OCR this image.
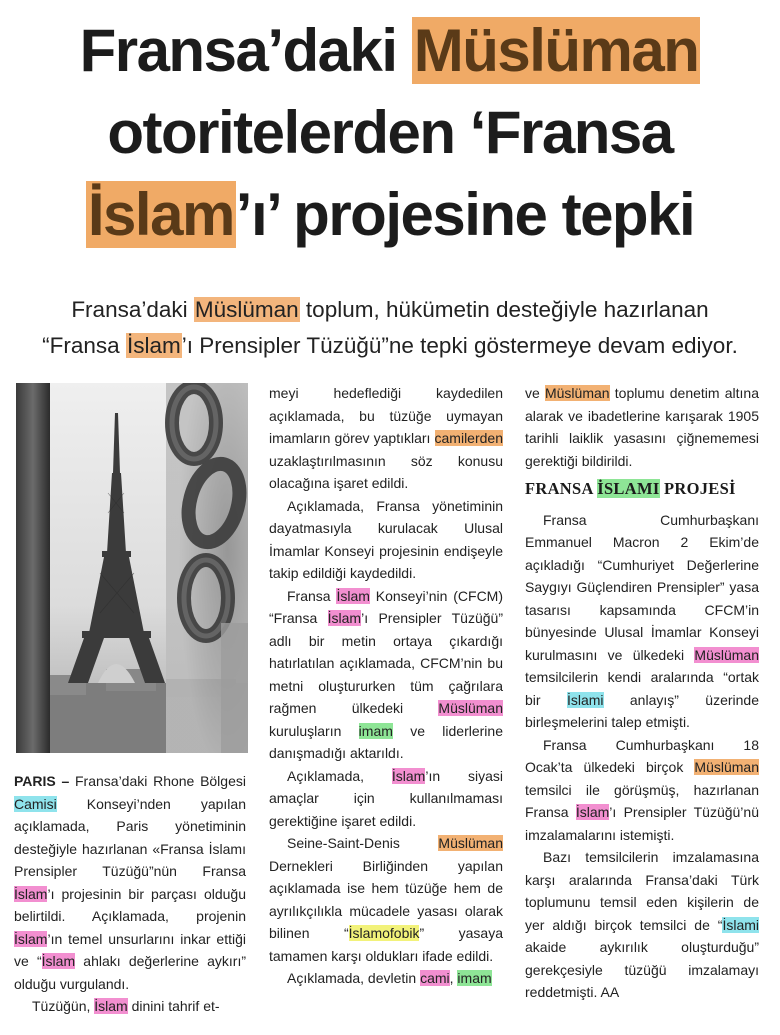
Fransa’daki Müslüman
otoritelerden ‘Fransa
İslam’ı’ projesine tepki
Fransa’daki Müslüman toplum, hükümetin desteğiyle hazırlanan
“Fransa İslam’ı Prensipler Tüzüğü”ne tepki göstermeye devam ediyor.

PARIS – Fransa’daki Rhone Bölgesi Camisi Konseyi’nden yapılan açıklamada, Paris yönetiminin desteğiyle hazırlanan «Fransa İslamı Prensipler Tüzüğü”nün Fransa İslam’ı projesinin bir parçası olduğu belirtildi. Açıklamada, projenin İslam’ın temel unsurlarını inkar ettiği ve “İslam ahlakı değerlerine aykırı” olduğu vurgulandı.

Tüzüğün, İslam dinini tahrif et-

meyi hedeflediği kaydedilen açıklamada, bu tüzüğe uymayan imamların görev yaptıkları camilerden uzaklaştırılmasının söz konusu olacağına işaret edildi.

Açıklamada, Fransa yönetiminin dayatmasıyla kurulacak Ulusal İmamlar Konseyi projesinin endişeyle takip edildiği kaydedildi.

Fransa İslam Konseyi’nin (CFCM) “Fransa İslam’ı Prensipler Tüzüğü” adlı bir metin ortaya çıkardığı hatırlatılan açıklamada, CFCM’nin bu metni oluştururken tüm çağrılara rağmen ülkedeki Müslüman kuruluşların imam ve liderlerine danışmadığı aktarıldı.

Açıklamada, İslam’ın siyasi amaçlar için kullanılmaması gerektiğine işaret edildi.

Seine-Saint-Denis Müslüman Dernekleri Birliğinden yapılan açıklamada ise hem tüzüğe hem de ayrılıkçılıkla mücadele yasası olarak bilinen “İslamofobik” yasaya tamamen karşı oldukları ifade edildi.

Açıklamada, devletin cami, imam

ve Müslüman toplumu denetim altına alarak ve ibadetlerine karışarak 1905 tarihli laiklik yasasını çiğnememesi gerektiği bildirildi.

FRANSA İSLAMI PROJESİ

Fransa Cumhurbaşkanı Emmanuel Macron 2 Ekim’de açıkladığı “Cumhuriyet Değerlerine Saygıyı Güçlendiren Prensipler” yasa tasarısı kapsamında CFCM’in bünyesinde Ulusal İmamlar Konseyi kurulmasını ve ülkedeki Müslüman temsilcilerin kendi aralarında “ortak bir İslami anlayış” üzerinde birleşmelerini talep etmişti.

Fransa Cumhurbaşkanı 18 Ocak’ta ülkedeki birçok Müslüman temsilci ile görüşmüş, hazırlanan Fransa İslam’ı Prensipler Tüzüğü’nü imzalamalarını istemişti.

Bazı temsilcilerin imzalamasına karşı aralarında Fransa’daki Türk toplumunu temsil eden kişilerin de yer aldığı birçok temsilci de “İslami akaide aykırılık oluşturduğu” gerekçesiyle tüzüğü imzalamayı reddetmişti. AA
